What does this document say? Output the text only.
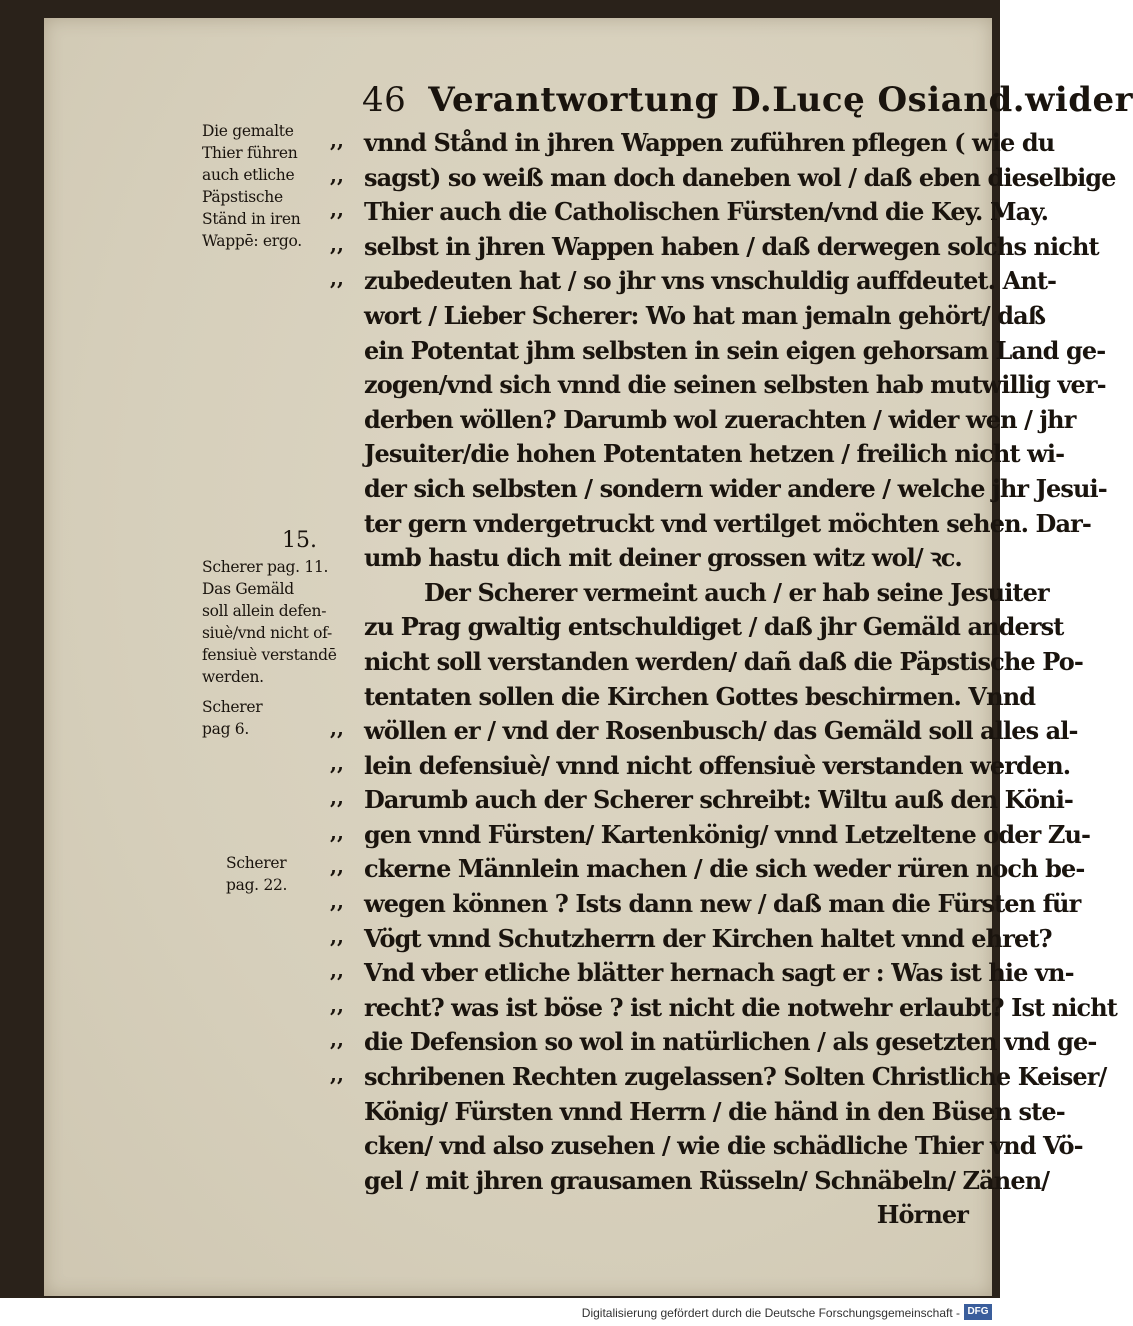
46 Verantwortung D.Lucę Osiand.wider
Die gemalte
Thier führen
auch etliche
Päpstische
Ständ in iren
Wappē: ergo.
15.
Scherer pag. 11.
Das Gemäld
soll allein defen-
siuè/vnd nicht of-
fensiuè verstandē
werden.
Scherer
pag 6.
Scherer
pag. 22.
,,
,,
,,
,,
,,
,,
,,
,,
,,
,,
,,
,,
,,
,,
,,
,,
vnnd Stånd in jhren Wappen zuführen pflegen ( wie du
sagst) so weiß man doch daneben wol / daß eben dieselbige
Thier auch die Catholischen Fürsten/vnd die Key. May.
selbst in jhren Wappen haben / daß derwegen solchs nicht
zubedeuten hat / so jhr vns vnschuldig auffdeutet. Ant-
wort / Lieber Scherer: Wo hat man jemaln gehört/ daß
ein Potentat jhm selbsten in sein eigen gehorsam Land ge-
zogen/vnd sich vnnd die seinen selbsten hab mutwillig ver-
derben wöllen? Darumb wol zuerachten / wider wen / jhr
Jesuiter/die hohen Potentaten hetzen / freilich nicht wi-
der sich selbsten / sondern wider andere / welche jhr Jesui-
ter gern vndergetruckt vnd vertilget möchten sehen. Dar-
umb hastu dich mit deiner grossen witz wol/ ꝛc.
Der Scherer vermeint auch / er hab seine Jesuiter
zu Prag gwaltig entschuldiget / daß jhr Gemäld anderst
nicht soll verstanden werden/ dañ daß die Päpstische Po-
tentaten sollen die Kirchen Gottes beschirmen. Vnnd
wöllen er / vnd der Rosenbusch/ das Gemäld soll alles al-
lein defensiuè/ vnnd nicht offensiuè verstanden werden.
Darumb auch der Scherer schreibt: Wiltu auß den Köni-
gen vnnd Fürsten/ Kartenkönig/ vnnd Letzeltene oder Zu-
ckerne Männlein machen / die sich weder rüren noch be-
wegen können ? Ists dann new / daß man die Fürsten für
Vögt vnnd Schutzherrn der Kirchen haltet vnnd ehret?
Vnd vber etliche blätter hernach sagt er : Was ist hie vn-
recht? was ist böse ? ist nicht die notwehr erlaubt? Ist nicht
die Defension so wol in natürlichen / als gesetzten vnd ge-
schribenen Rechten zugelassen? Solten Christliche Keiser/
König/ Fürsten vnnd Herrn / die händ in den Büsen ste-
cken/ vnd also zusehen / wie die schädliche Thier vnd Vö-
gel / mit jhren grausamen Rüsseln/ Schnäbeln/ Zänen/
Hörner
Digitalisierung gefördert durch die Deutsche Forschungsgemeinschaft - DFG
